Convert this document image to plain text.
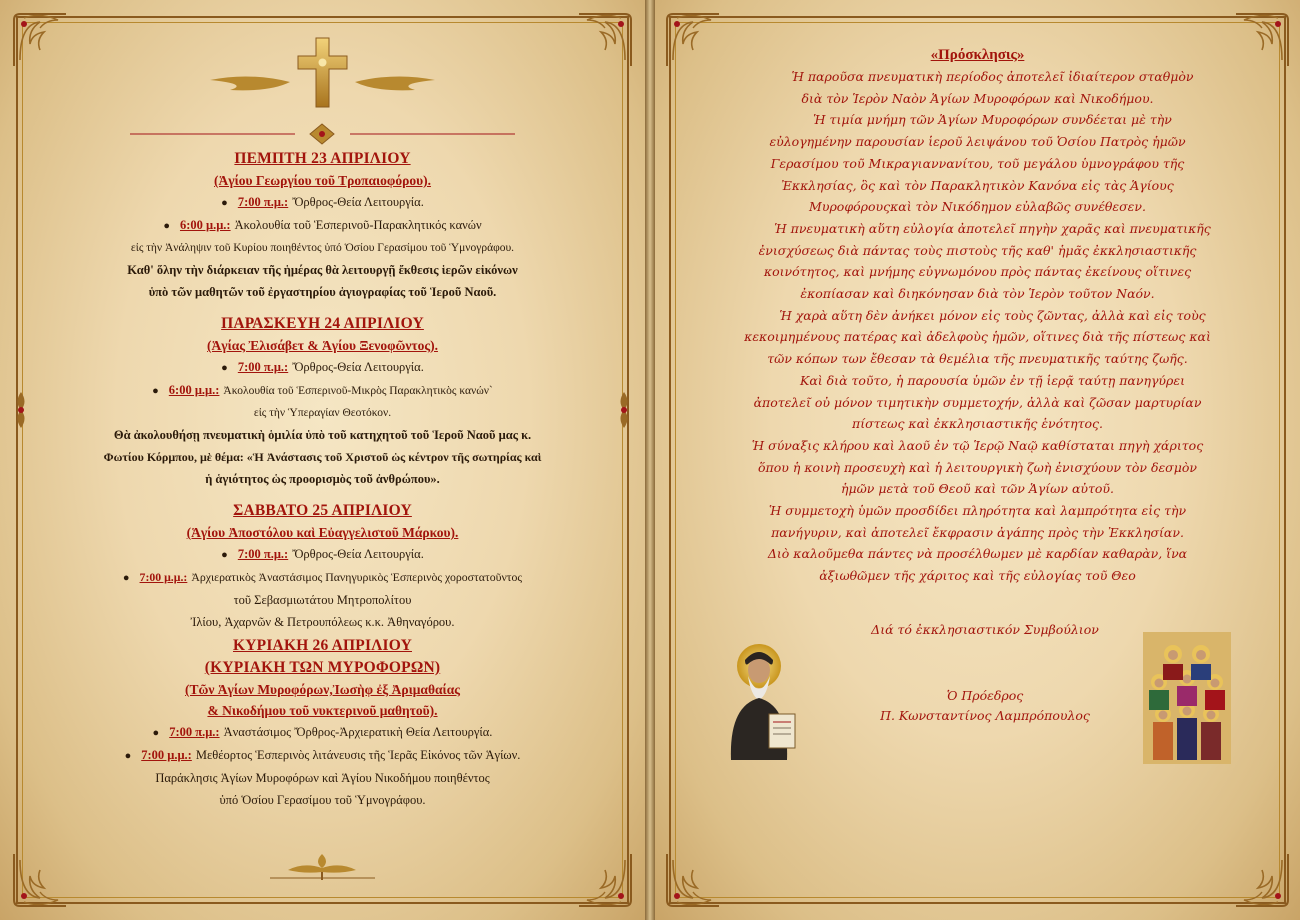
ΠΕΜΠΤΗ 23 ΑΠΡΙΛΙΟΥ
(Ἁγίου Γεωργίου τοῦ Τροπαιοφόρου).
● 7:00 π.μ.: Ὄρθρος-Θεία Λειτουργία.
● 6:00 μ.μ.: Ἀκολουθία τοῦ Ἑσπερινοῦ-Παρακλητικός κανών
εἰς τὴν Ἀνάληψιν τοῦ Κυρίου ποιηθέντος ὑπό Ὁσίου Γερασίμου τοῦ Ὑμνογράφου.
Καθ' ὅλην τὴν διάρκειαν τῆς ἡμέρας θὰ λειτουργῇ ἔκθεσις ἱερῶν εἰκόνων
ὑπὸ τῶν μαθητῶν τοῦ ἐργαστηρίου ἁγιογραφίας τοῦ Ἱεροῦ Ναοῦ.
ΠΑΡΑΣΚΕΥΗ 24 ΑΠΡΙΛΙΟΥ
(Ἁγίας Ἐλισάβετ & Ἁγίου Ξενοφῶντος).
● 7:00 π.μ.: Ὄρθρος-Θεία Λειτουργία.
● 6:00 μ.μ.: Ἀκολουθία τοῦ Ἑσπερινοῦ-Μικρὸς Παρακλητικὸς κανών`
εἰς τὴν Ὑπεραγίαν Θεοτόκον.
Θὰ ἀκολουθήσῃ πνευματικὴ ὁμιλία ὑπὸ τοῦ κατηχητοῦ τοῦ Ἱεροῦ Ναοῦ μας κ.
Φωτίου Κόρμπου, μὲ θέμα: «Ἡ Ἀνάστασις τοῦ Χριστοῦ ὡς κέντρον τῆς σωτηρίας καὶ
ἡ ἁγιότητος ὡς προορισμὸς τοῦ ἀνθρώπου».
ΣΑΒΒΑΤΟ 25 ΑΠΡΙΛΙΟΥ
(Ἁγίου Ἀποστόλου καὶ Εὐαγγελιστοῦ Μάρκου).
● 7:00 π.μ.: Ὄρθρος-Θεία Λειτουργία.
● 7:00 μ.μ.: Ἀρχιερατικὸς Ἀναστάσιμος Πανηγυρικὸς Ἑσπερινὸς χοροστατοῦντος
τοῦ Σεβασμιωτάτου Μητροπολίτου
Ἰλίου, Ἀχαρνῶν & Πετρουπόλεως κ.κ. Ἀθηναγόρου.
ΚΥΡΙΑΚΗ 26 ΑΠΡΙΛΙΟΥ
(ΚΥΡΙΑΚΗ ΤΩΝ ΜΥΡΟΦΟΡΩΝ)
(Τῶν Ἁγίων Μυροφόρων,Ἰωσὴφ ἐξ Ἀριμαθαίας
& Νικοδήμου τοῦ νυκτερινοῦ μαθητοῦ).
● 7:00 π.μ.: Ἀναστάσιμος Ὄρθρος-Ἀρχιερατικὴ Θεία Λειτουργία.
● 7:00 μ.μ.: Μεθέορτος Ἑσπερινὸς λιτάνευσις τῆς Ἱερᾶς Εἰκόνος τῶν Ἁγίων.
Παράκλησις Ἁγίων Μυροφόρων καὶ Ἁγίου Νικοδήμου ποιηθέντος
ὑπό Ὁσίου Γερασίμου τοῦ Ὑμνογράφου.
«Πρόσκλησις»
Ἡ παροῦσα πνευματικὴ περίοδος ἀποτελεῖ ἰδιαίτερον σταθμὸν
διὰ τὸν Ἱερὸν Ναὸν Ἁγίων Μυροφόρων καὶ Νικοδήμου.
Ἡ τιμία μνήμη τῶν Ἁγίων Μυροφόρων συνδέεται μὲ τὴν
εὐλογημένην παρουσίαν ἱεροῦ λειψάνου τοῦ Ὁσίου Πατρὸς ἡμῶν
Γερασίμου τοῦ Μικραγιαννανίτου, τοῦ μεγάλου ὑμνογράφου τῆς
Ἐκκλησίας, ὃς καὶ τὸν Παρακλητικὸν Κανόνα εἰς τὰς Ἁγίους
Μυροφόρουςκαὶ τὸν Νικόδημον εὐλαβῶς συνέθεσεν.
Ἡ πνευματικὴ αὕτη εὐλογία ἀποτελεῖ πηγὴν χαρᾶς καὶ πνευματικῆς
ἐνισχύσεως διὰ πάντας τοὺς πιστοὺς τῆς καθ' ἡμᾶς ἐκκλησιαστικῆς
κοινότητος, καὶ μνήμης εὐγνωμόνου πρὸς πάντας ἐκείνους οἵτινες
ἐκοπίασαν καὶ διηκόνησαν διὰ τὸν Ἱερὸν τοῦτον Ναόν.
Ἡ χαρὰ αὕτη δὲν ἀνήκει μόνον εἰς τοὺς ζῶντας, ἀλλὰ καὶ εἰς τοὺς
κεκοιμημένους πατέρας καὶ ἀδελφοὺς ἡμῶν, οἵτινες διὰ τῆς πίστεως καὶ
τῶν κόπων των ἔθεσαν τὰ θεμέλια τῆς πνευματικῆς ταύτης ζωῆς.
Καὶ διὰ τοῦτο, ἡ παρουσία ὑμῶν ἐν τῇ ἱερᾷ ταύτῃ πανηγύρει
ἀποτελεῖ οὐ μόνον τιμητικὴν συμμετοχήν, ἀλλὰ καὶ ζῶσαν μαρτυρίαν
πίστεως καὶ ἐκκλησιαστικῆς ἑνότητος.
Ἡ σύναξις κλήρου καὶ λαοῦ ἐν τῷ Ἱερῷ Ναῷ καθίσταται πηγὴ χάριτος
ὅπου ἡ κοινὴ προσευχὴ καὶ ἡ λειτουργικὴ ζωὴ ἐνισχύουν τὸν δεσμὸν
ἡμῶν μετὰ τοῦ Θεοῦ καὶ τῶν Ἁγίων αὐτοῦ.
Ἡ συμμετοχὴ ὑμῶν προσδίδει πληρότητα καὶ λαμπρότητα εἰς τὴν
πανήγυριν, καὶ ἀποτελεῖ ἔκφρασιν ἀγάπης πρὸς τὴν Ἐκκλησίαν.
Διὸ καλοῦμεθα πάντες νὰ προσέλθωμεν μὲ καρδίαν καθαρὰν, ἵνα
ἀξιωθῶμεν τῆς χάριτος καὶ τῆς εὐλογίας τοῦ Θεο
Διά τό ἐκκλησιαστικόν Συμβούλιον
Ὁ Πρόεδρος
Π. Κωνσταντίνος Λαμπρόπουλος
